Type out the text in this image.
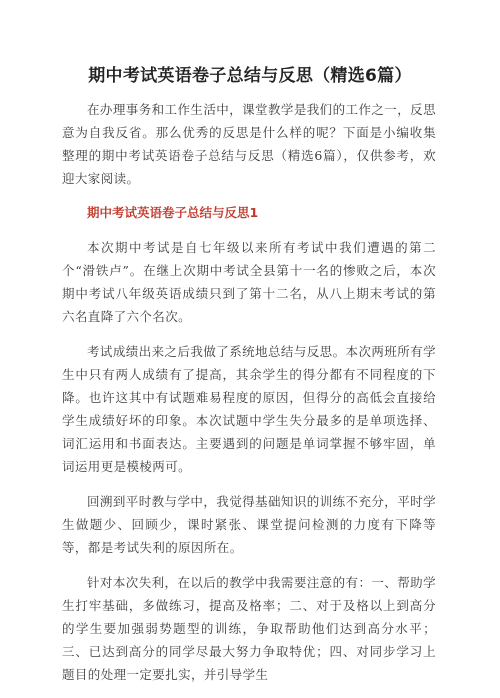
期中考试英语卷子总结与反思（精选6篇）

在办理事务和工作生活中，课堂教学是我们的工作之一，反思意为自我反省。那么优秀的反思是什么样的呢？下面是小编收集整理的期中考试英语卷子总结与反思（精选6篇），仅供参考，欢迎大家阅读。

期中考试英语卷子总结与反思1

本次期中考试是自七年级以来所有考试中我们遭遇的第二个“滑铁卢”。在继上次期中考试全县第十一名的惨败之后，本次期中考试八年级英语成绩只到了第十二名，从八上期末考试的第六名直降了六个名次。

考试成绩出来之后我做了系统地总结与反思。本次两班所有学生中只有两人成绩有了提高，其余学生的得分都有不同程度的下降。也许这其中有试题难易程度的原因，但得分的高低会直接给学生成绩好坏的印象。本次试题中学生失分最多的是单项选择、词汇运用和书面表达。主要遇到的问题是单词掌握不够牢固，单词运用更是模棱两可。

回溯到平时教与学中，我觉得基础知识的训练不充分，平时学生做题少、回顾少，课时紧张、课堂提问检测的力度有下降等等，都是考试失利的原因所在。

针对本次失利，在以后的教学中我需要注意的有：一、帮助学生打牢基础，多做练习，提高及格率；二、对于及格以上到高分的学生要加强弱势题型的训练，争取帮助他们达到高分水平；三、已达到高分的同学尽最大努力争取特优；四、对同步学习上题目的处理一定要扎实，并引导学生
